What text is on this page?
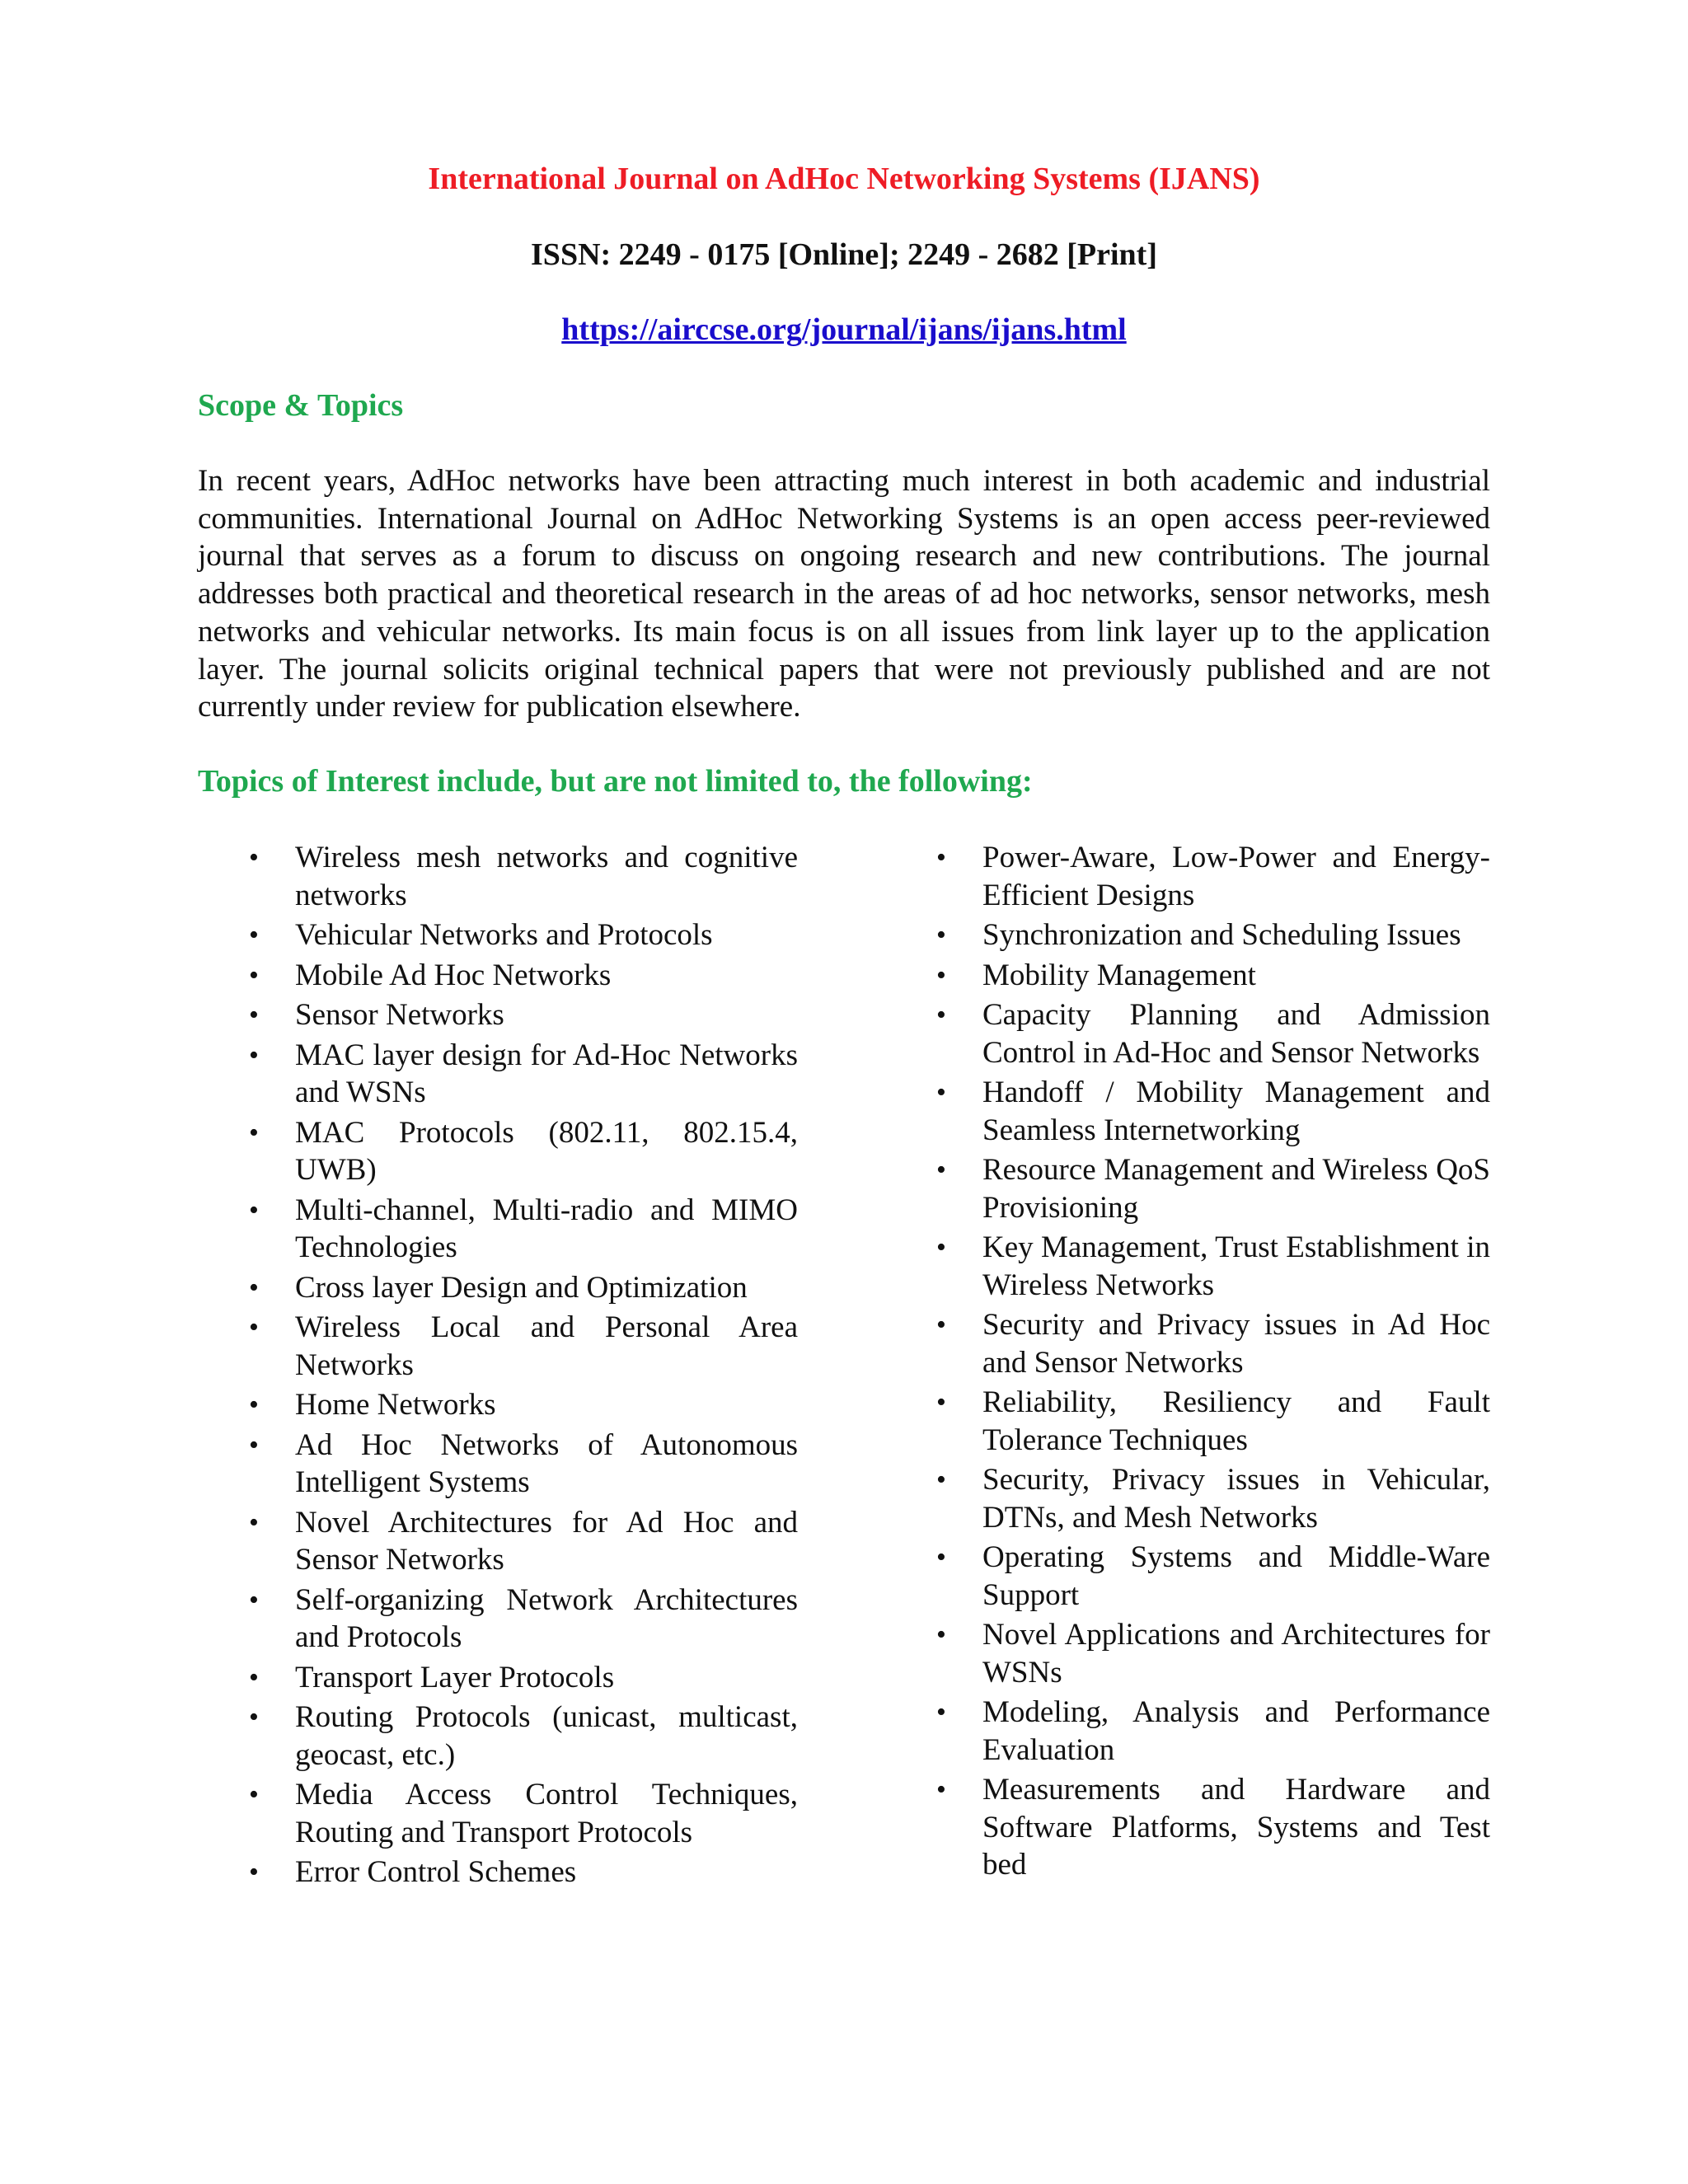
International Journal on AdHoc Networking Systems (IJANS)
ISSN: 2249 - 0175 [Online]; 2249 - 2682 [Print]
https://airccse.org/journal/ijans/ijans.html
Scope & Topics

In recent years, AdHoc networks have been attracting much interest in both academic and industrial communities. International Journal on AdHoc Networking Systems is an open access peer-reviewed journal that serves as a forum to discuss on ongoing research and new contributions. The journal addresses both practical and theoretical research in the areas of ad hoc networks, sensor networks, mesh networks and vehicular networks. Its main focus is on all issues from link layer up to the application layer. The journal solicits original technical papers that were not previously published and are not currently under review for publication elsewhere.

Topics of Interest include, but are not limited to, the following:
• Wireless mesh networks and cognitive networks
• Vehicular Networks and Protocols
• Mobile Ad Hoc Networks
• Sensor Networks
• MAC layer design for Ad-Hoc Networks and WSNs
• MAC Protocols (802.11, 802.15.4, UWB)
• Multi-channel, Multi-radio and MIMO Technologies
• Cross layer Design and Optimization
• Wireless Local and Personal Area Networks
• Home Networks
• Ad Hoc Networks of Autonomous Intelligent Systems
• Novel Architectures for Ad Hoc and Sensor Networks
• Self-organizing Network Architectures and Protocols
• Transport Layer Protocols
• Routing Protocols (unicast, multicast, geocast, etc.)
• Media Access Control Techniques, Routing and Transport Protocols
• Error Control Schemes
• Power-Aware, Low-Power and Energy-Efficient Designs
• Synchronization and Scheduling Issues
• Mobility Management
• Capacity Planning and Admission Control in Ad-Hoc and Sensor Networks
• Handoff / Mobility Management and Seamless Internetworking
• Resource Management and Wireless QoS Provisioning
• Key Management, Trust Establishment in Wireless Networks
• Security and Privacy issues in Ad Hoc and Sensor Networks
• Reliability, Resiliency and Fault Tolerance Techniques
• Security, Privacy issues in Vehicular, DTNs, and Mesh Networks
• Operating Systems and Middle-Ware Support
• Novel Applications and Architectures for WSNs
• Modeling, Analysis and Performance Evaluation
• Measurements and Hardware and Software Platforms, Systems and Test bed
